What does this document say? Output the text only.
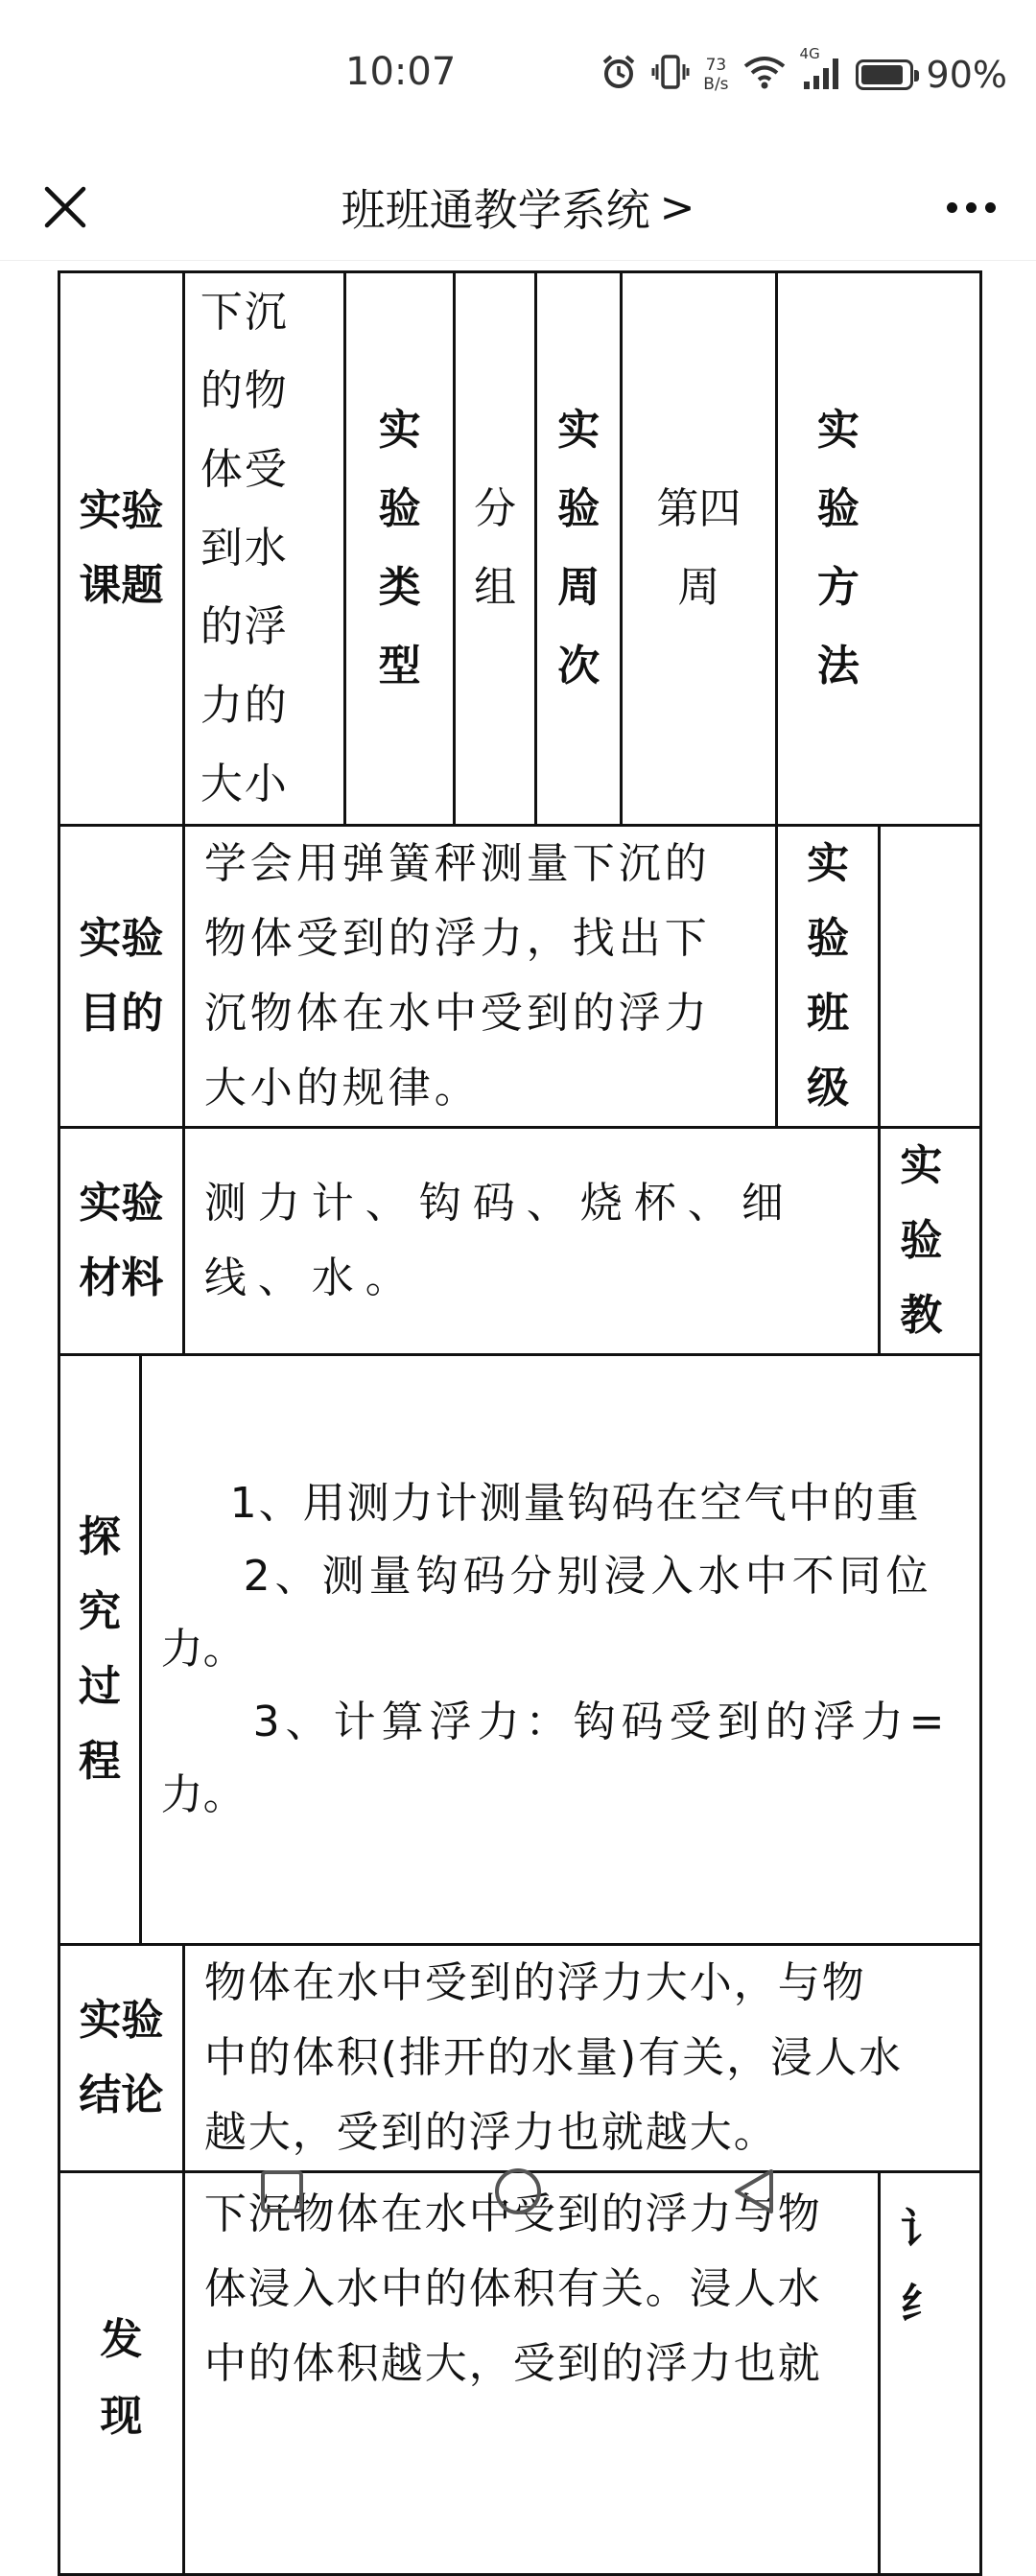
10:07	73
B/s
4G
90%
班班通教学系统 >
实验课题		下沉的物体受到水的浮力的大小	实验类型	分组	实验周次	第四周	实验方法	

实验目的		学会用弹簧秤测量下沉的物体受到的浮力，找出下沉物体在水中受到的浮力大小的规律。					实验班级	

实验材料		测力计、钩码、烧杯、细线、水。						实验教

探究过程	1、用测力计测量钩码在空气中的重
2、测量钩码分别浸入水中不同位
力。
3、计算浮力：钩码受到的浮力=
力。							

实验结论		物体在水中受到的浮力大小，与物
中的体积(排开的水量)有关，浸人水
越大，受到的浮力也就越大。						

发现		下沉物体在水中受到的浮力与物体浸入水中的体积有关。浸人水中的体积越大，受到的浮力也就						讠纟
